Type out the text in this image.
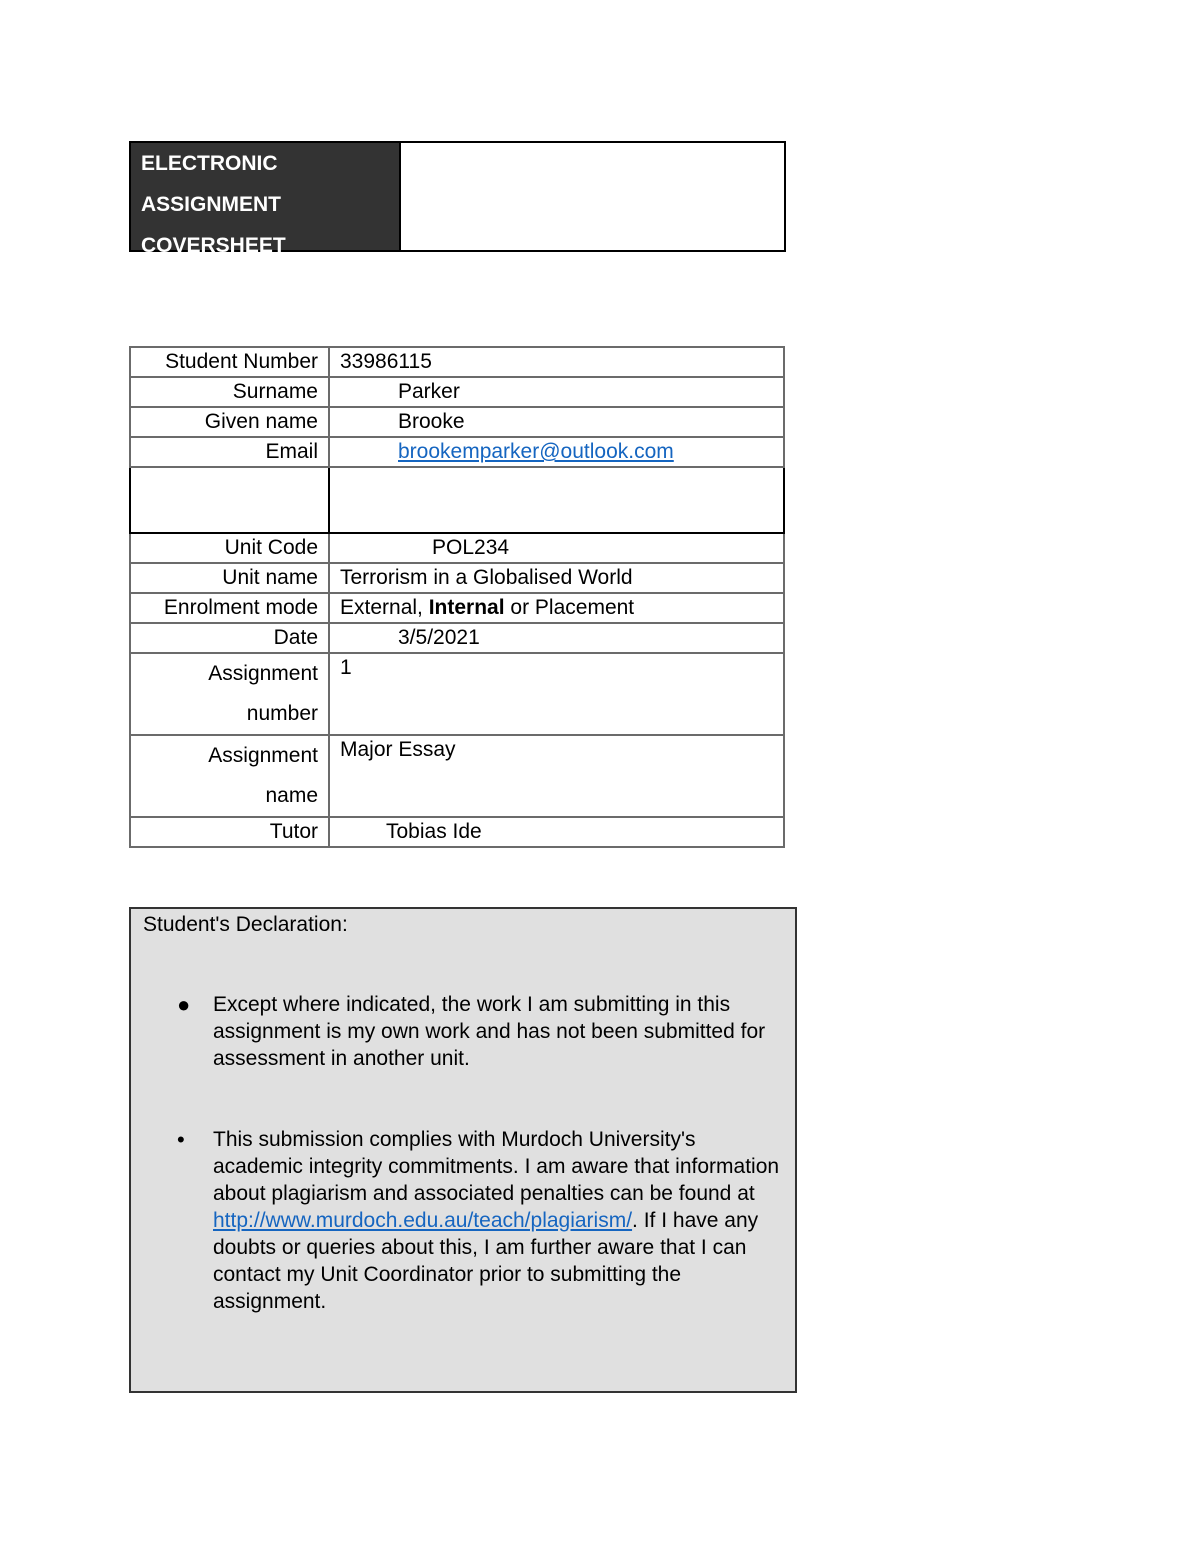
ELECTRONIC
ASSIGNMENT
COVERSHEET
Student Number	33986115
Surname	Parker
Given name	Brooke
Email	brookemparker@outlook.com

Unit Code	POL234
Unit name	Terrorism in a Globalised World
Enrolment mode	External, Internal or Placement
Date	3/5/2021
Assignment
number	1
Assignment
name	Major Essay
Tutor	Tobias Ide
Student's Declaration:
● Except where indicated, the work I am submitting in this assignment is my own work and has not been submitted for assessment in another unit.
• This submission complies with Murdoch University's academic integrity commitments. I am aware that information about plagiarism and associated penalties can be found at http://www.murdoch.edu.au/teach/plagiarism/. If I have any doubts or queries about this, I am further aware that I can contact my Unit Coordinator prior to submitting the assignment.
